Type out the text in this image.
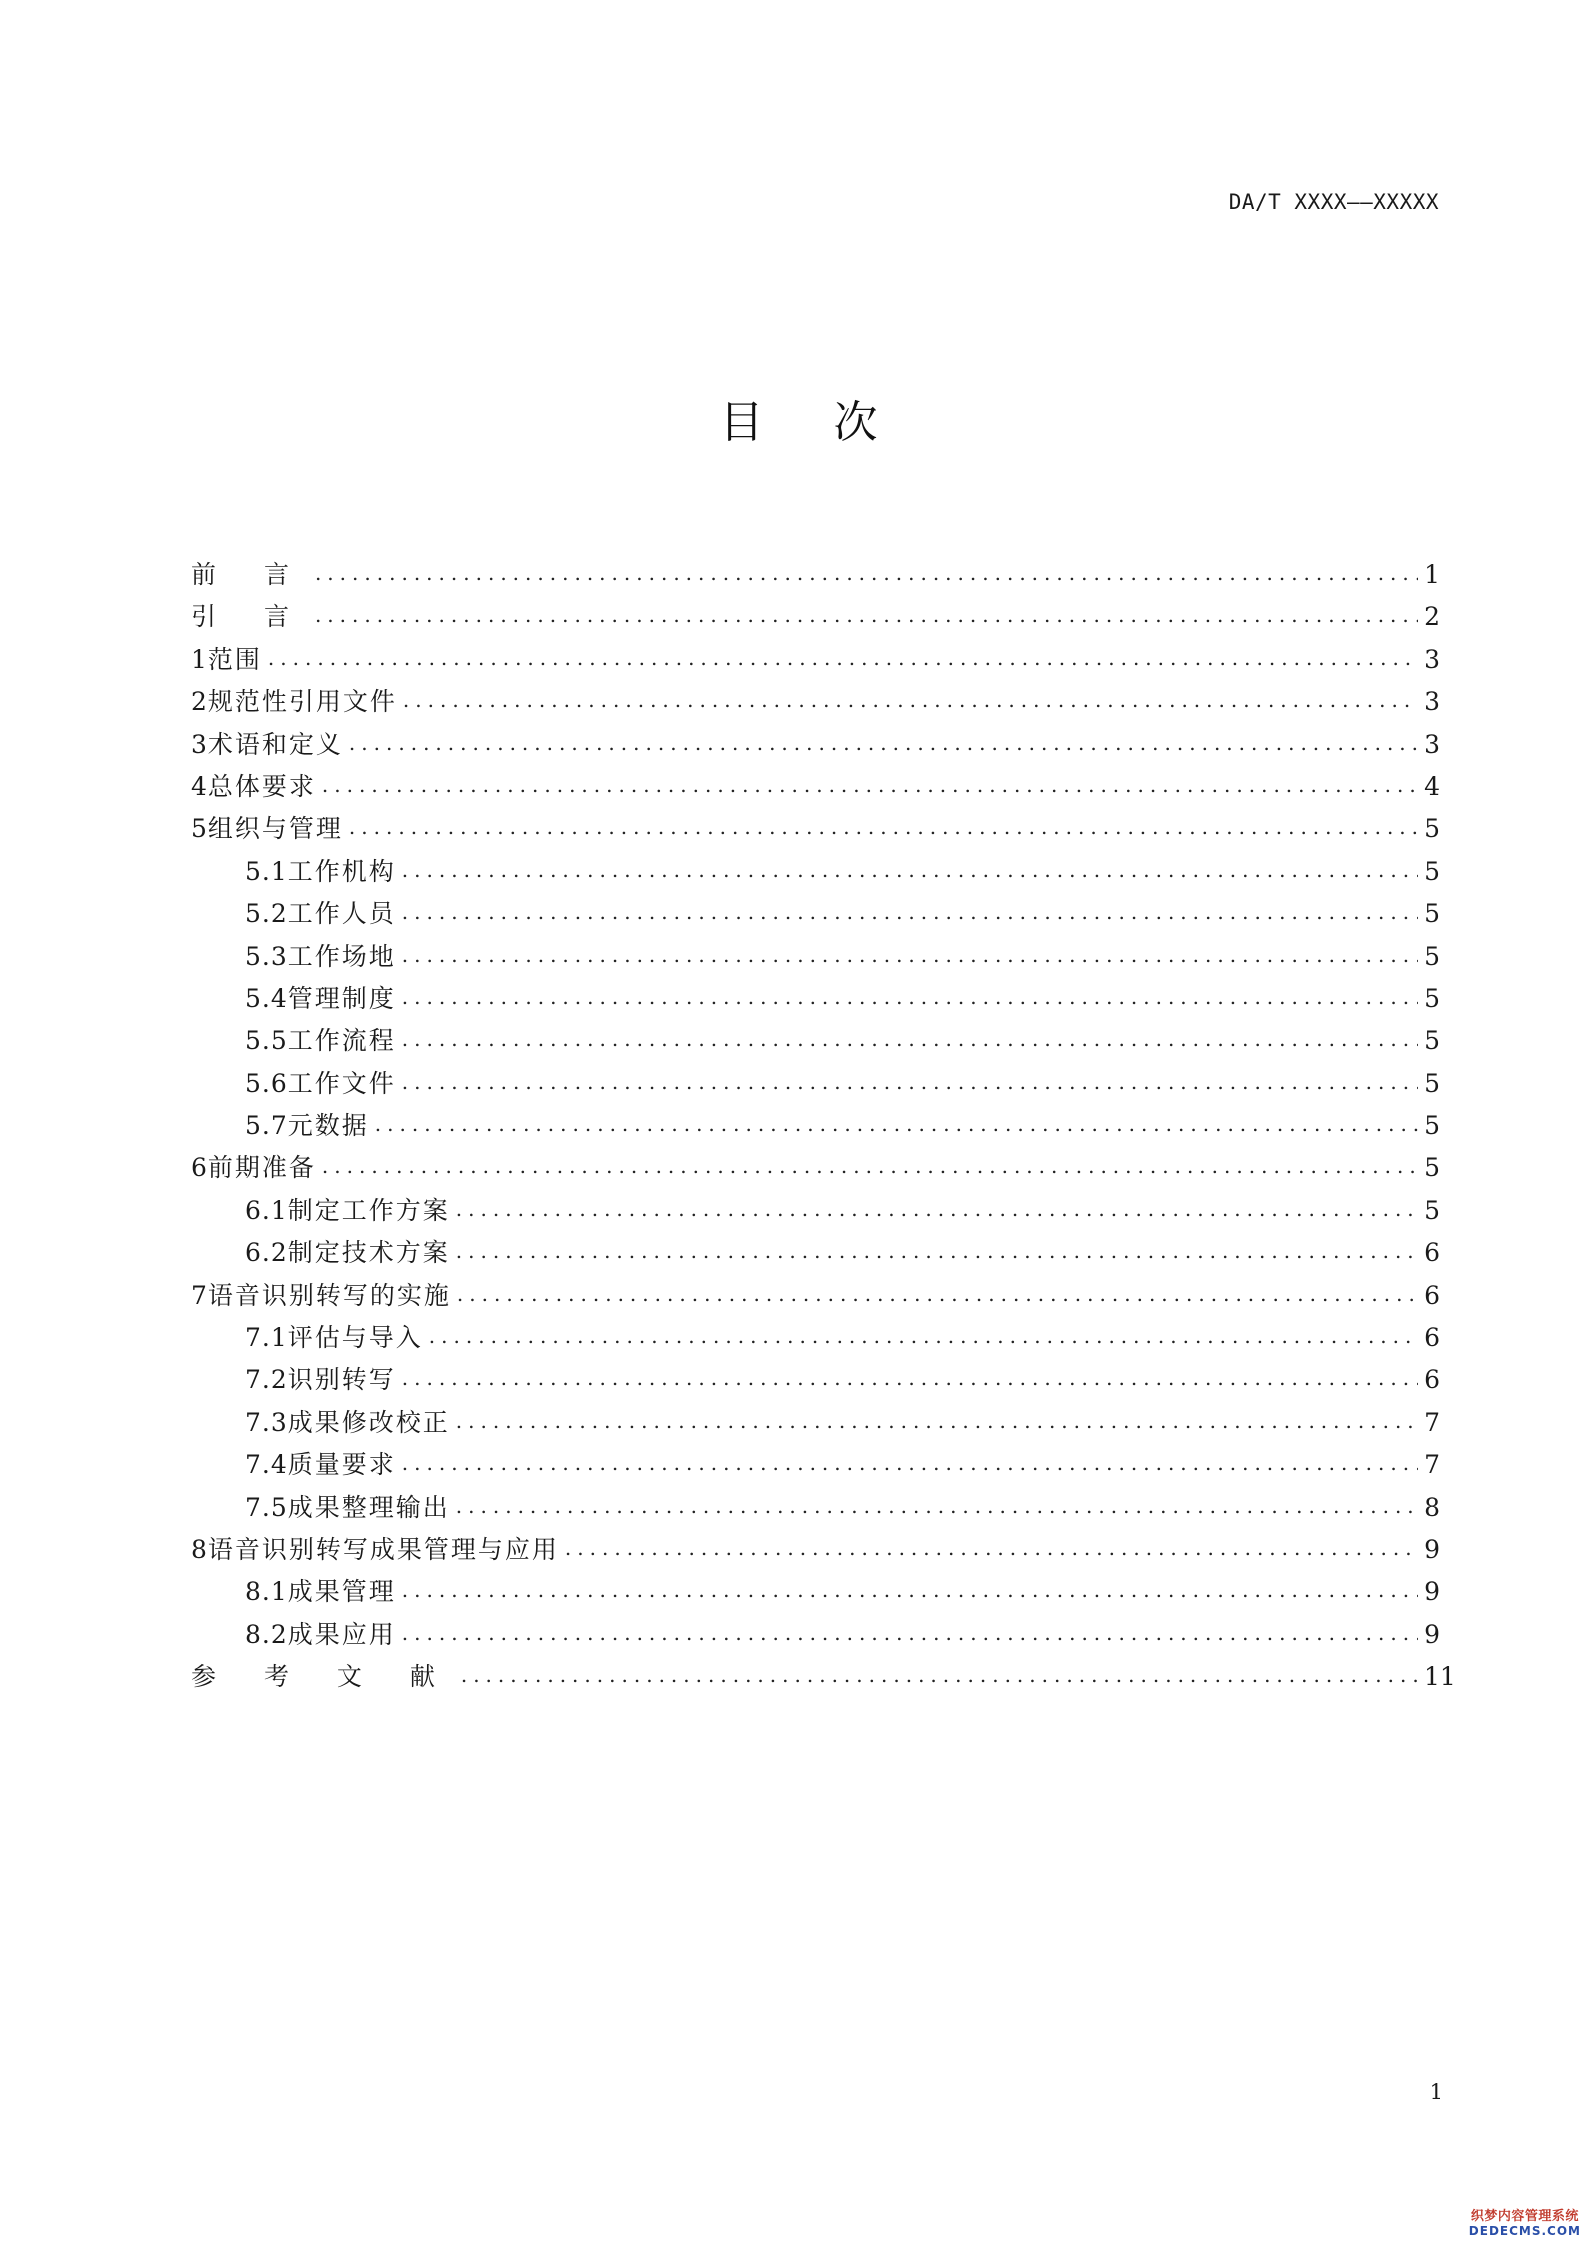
DA/T XXXX——XXXXX
目 次
前 言 .....	1
引 言 .....	2
1 范围 .....	3
2 规范性引用文件 .....	3
3 术语和定义 .....	3
4 总体要求 .....	4
5 组织与管理 .....	5
5.1 工作机构 .....	5
5.2 工作人员 .....	5
5.3 工作场地 .....	5
5.4 管理制度 .....	5
5.5 工作流程 .....	5
5.6 工作文件 .....	5
5.7 元数据 .....	5
6 前期准备 .....	5
6.1 制定工作方案 .....	5
6.2 制定技术方案 .....	6
7 语音识别转写的实施 .....	6
7.1 评估与导入 .....	6
7.2 识别转写 .....	6
7.3 成果修改校正 .....	7
7.4 质量要求 .....	7
7.5 成果整理输出 .....	8
8 语音识别转写成果管理与应用 .....	9
8.1 成果管理 .....	9
8.2 成果应用 .....	9
参 考 文 献 .....	11
1
织梦内容管理系统
DEDECMS.COM
